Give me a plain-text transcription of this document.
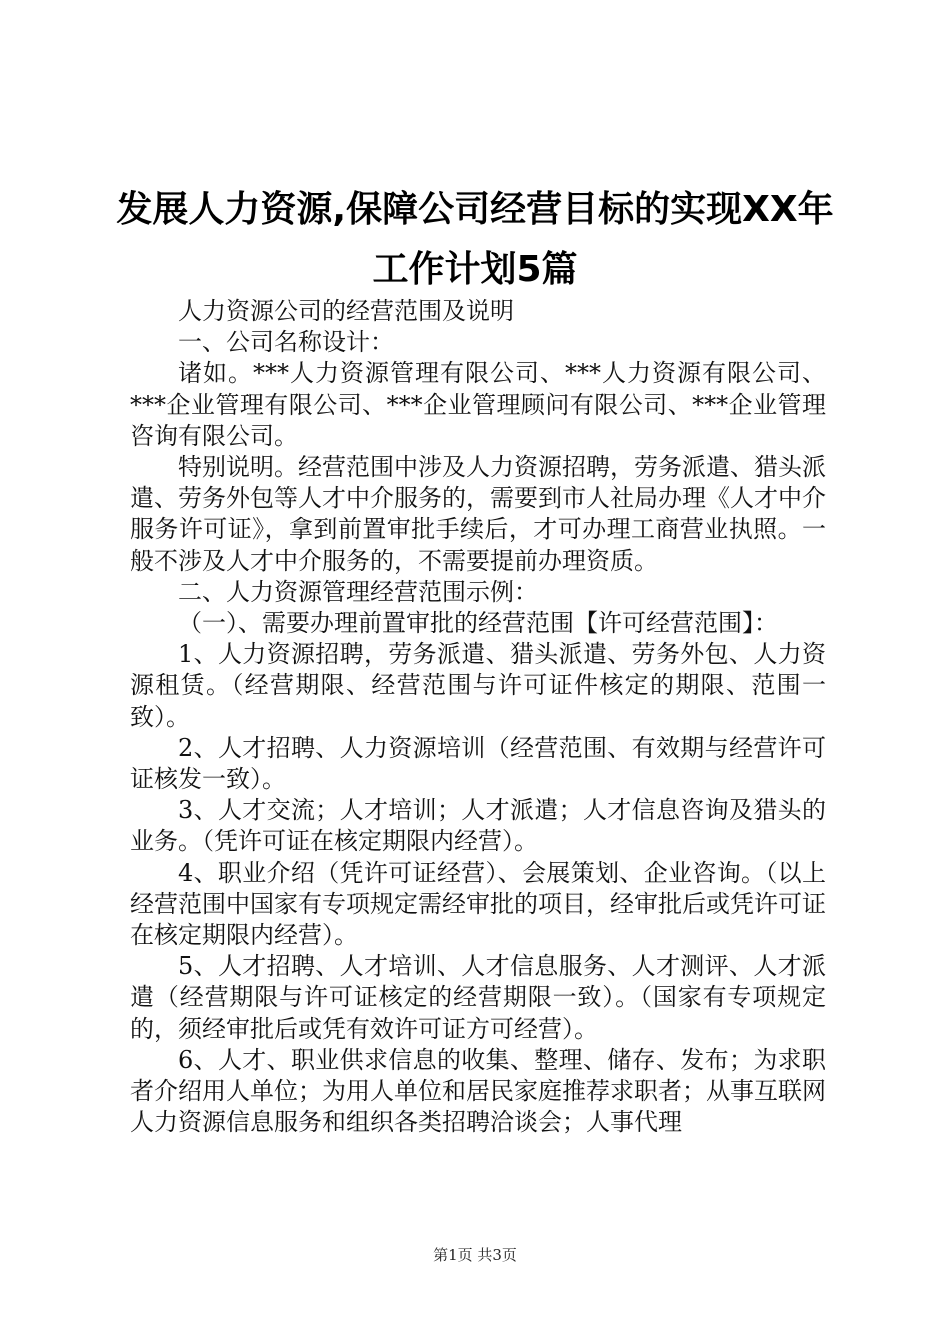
发展人力资源,保障公司经营目标的实现XX年
工作计划5篇

人力资源公司的经营范围及说明

一、公司名称设计：

诸如。***人力资源管理有限公司、***人力资源有限公司、***企业管理有限公司、***企业管理顾问有限公司、***企业管理咨询有限公司。

特别说明。经营范围中涉及人力资源招聘，劳务派遣、猎头派遣、劳务外包等人才中介服务的，需要到市人社局办理《人才中介服务许可证》，拿到前置审批手续后，才可办理工商营业执照。一般不涉及人才中介服务的，不需要提前办理资质。

二、人力资源管理经营范围示例：

（一）、需要办理前置审批的经营范围【许可经营范围】：

1、人力资源招聘，劳务派遣、猎头派遣、劳务外包、人力资源租赁。（经营期限、经营范围与许可证件核定的期限、范围一致）。

2、人才招聘、人力资源培训（经营范围、有效期与经营许可证核发一致）。

3、人才交流；人才培训；人才派遣；人才信息咨询及猎头的业务。（凭许可证在核定期限内经营）。

4、职业介绍（凭许可证经营）、会展策划、企业咨询。（以上经营范围中国家有专项规定需经审批的项目，经审批后或凭许可证在核定期限内经营）。

5、人才招聘、人才培训、人才信息服务、人才测评、人才派遣（经营期限与许可证核定的经营期限一致）。（国家有专项规定的，须经审批后或凭有效许可证方可经营）。

6、人才、职业供求信息的收集、整理、储存、发布；为求职者介绍用人单位；为用人单位和居民家庭推荐求职者；从事互联网人力资源信息服务和组织各类招聘洽谈会；人事代理

第1页 共3页
